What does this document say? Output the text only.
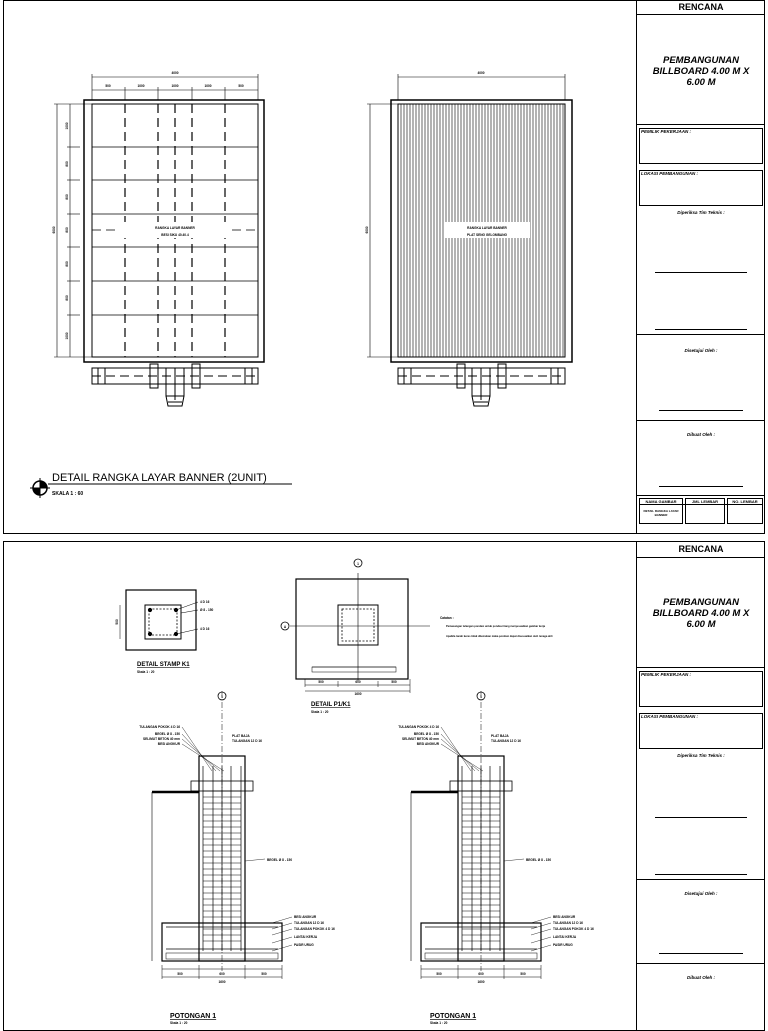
4000
500	1000	1000	1000	500
6000
1000
800
800
800
800
800
1000
RANGKA LAYAR BANNER
BESI SIKU 40.40.4
4000
6000	RANGKA LAYAR BANNER
PLAT SENG GELOMBANG
DETAIL RANGKA LAYAR BANNER (2UNIT)
SKALA 1 : 60
RENCANA
PEMBANGUNAN
BILLBOARD 4.00 M X
6.00 M
PEMILIK PEKERJAAN :
LOKASI PEMBANGUNAN :
Diperiksa Tim Teknis :
Disetujui Oleh :
Dibuat Oleh :
NAMA GAMBAR	JML LEMBAR	NO. LEMBAR
DETAIL RANGKA LAYAR BANNER
4 D 16
Ø 8 - 150
4 D 16
500
DETAIL STAMP K1
Skala 1 : 20
1
A
500	600	500
1600
DETAIL P1/K1
Skala 1 : 20
Catatan :
Pemasangan tulangan pondasi untuk pondasi tiang menyesuaikan gambar kerja
Apabila tanah keras tidak ditemukan maka pondasi dapat disesuaikan oleh tenaga ahli
TULANGAN POKOK 4 D 16
BEGEL Ø 8 - 150
SELIMUT BETON 40 mm
BESI ANGKUR
PLAT BAJA
TULANGAN 12 D 16
BEGEL Ø 8 - 150
BESI ANGKUR
TULANGAN 12 D 16
TULANGAN POKOK 4 D 16
LANTAI KERJA
PASIR URUG
500	600	500
1600
1
TULANGAN POKOK 4 D 16
BEGEL Ø 8 - 150
SELIMUT BETON 40 mm
BESI ANGKUR
PLAT BAJA
TULANGAN 12 D 16
BEGEL Ø 8 - 150
BESI ANGKUR
TULANGAN 12 D 16
TULANGAN POKOK 4 D 16
LANTAI KERJA
PASIR URUG
500	600	500
1600
1
POTONGAN 1
Skala 1 : 20
POTONGAN 1
Skala 1 : 20
RENCANA
PEMBANGUNAN
BILLBOARD 4.00 M X
6.00 M
PEMILIK PEKERJAAN :
LOKASI PEMBANGUNAN :
Diperiksa Tim Teknis :
Disetujui Oleh :
Dibuat Oleh :
